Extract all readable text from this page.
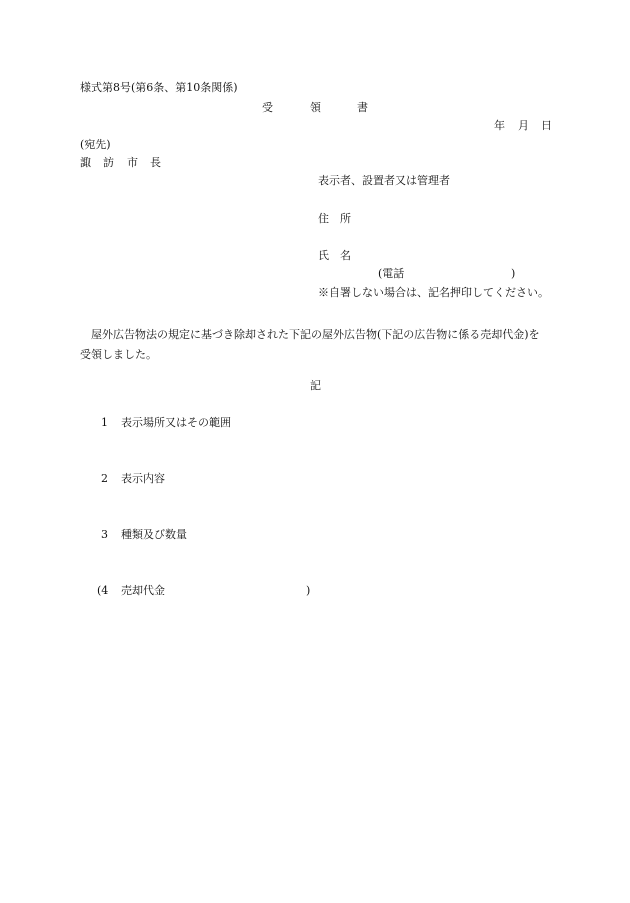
様式第8号(第6条、第10条関係)
受	領	書
年 月 日
(宛先)
諏 訪 市 長
表示者、設置者又は管理者
住　所
氏　名
(電話	)
※自署しない場合は、記名押印してください。
屋外広告物法の規定に基づき除却された下記の屋外広告物(下記の広告物に係る売却代金)を受領しました。
記
1 表示場所又はその範囲
2 表示内容
3 種類及び数量
(4 売却代金	)
